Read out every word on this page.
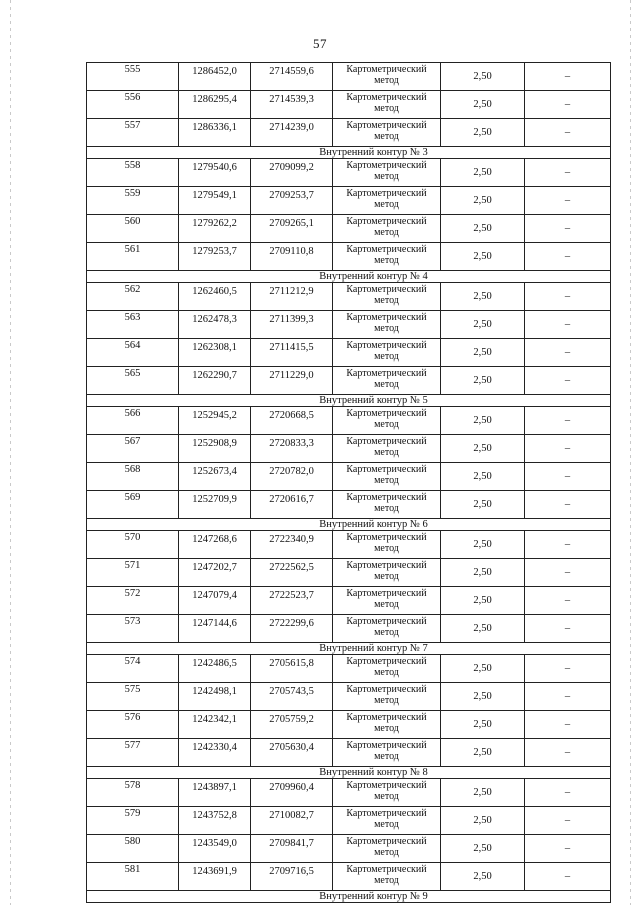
57
555	1286452,0	2714559,6	Картометрический метод	2,50	–
556	1286295,4	2714539,3	Картометрический метод	2,50	–
557	1286336,1	2714239,0	Картометрический метод	2,50	–
Внутренний контур № 3					
558	1279540,6	2709099,2	Картометрический метод	2,50	–
559	1279549,1	2709253,7	Картометрический метод	2,50	–
560	1279262,2	2709265,1	Картометрический метод	2,50	–
561	1279253,7	2709110,8	Картометрический метод	2,50	–
Внутренний контур № 4					
562	1262460,5	2711212,9	Картометрический метод	2,50	–
563	1262478,3	2711399,3	Картометрический метод	2,50	–
564	1262308,1	2711415,5	Картометрический метод	2,50	–
565	1262290,7	2711229,0	Картометрический метод	2,50	–
Внутренний контур № 5					
566	1252945,2	2720668,5	Картометрический метод	2,50	–
567	1252908,9	2720833,3	Картометрический метод	2,50	–
568	1252673,4	2720782,0	Картометрический метод	2,50	–
569	1252709,9	2720616,7	Картометрический метод	2,50	–
Внутренний контур № 6					
570	1247268,6	2722340,9	Картометрический метод	2,50	–
571	1247202,7	2722562,5	Картометрический метод	2,50	–
572	1247079,4	2722523,7	Картометрический метод	2,50	–
573	1247144,6	2722299,6	Картометрический метод	2,50	–
Внутренний контур № 7					
574	1242486,5	2705615,8	Картометрический метод	2,50	–
575	1242498,1	2705743,5	Картометрический метод	2,50	–
576	1242342,1	2705759,2	Картометрический метод	2,50	–
577	1242330,4	2705630,4	Картометрический метод	2,50	–
Внутренний контур № 8					
578	1243897,1	2709960,4	Картометрический метод	2,50	–
579	1243752,8	2710082,7	Картометрический метод	2,50	–
580	1243549,0	2709841,7	Картометрический метод	2,50	–
581	1243691,9	2709716,5	Картометрический метод	2,50	–
Внутренний контур № 9					
